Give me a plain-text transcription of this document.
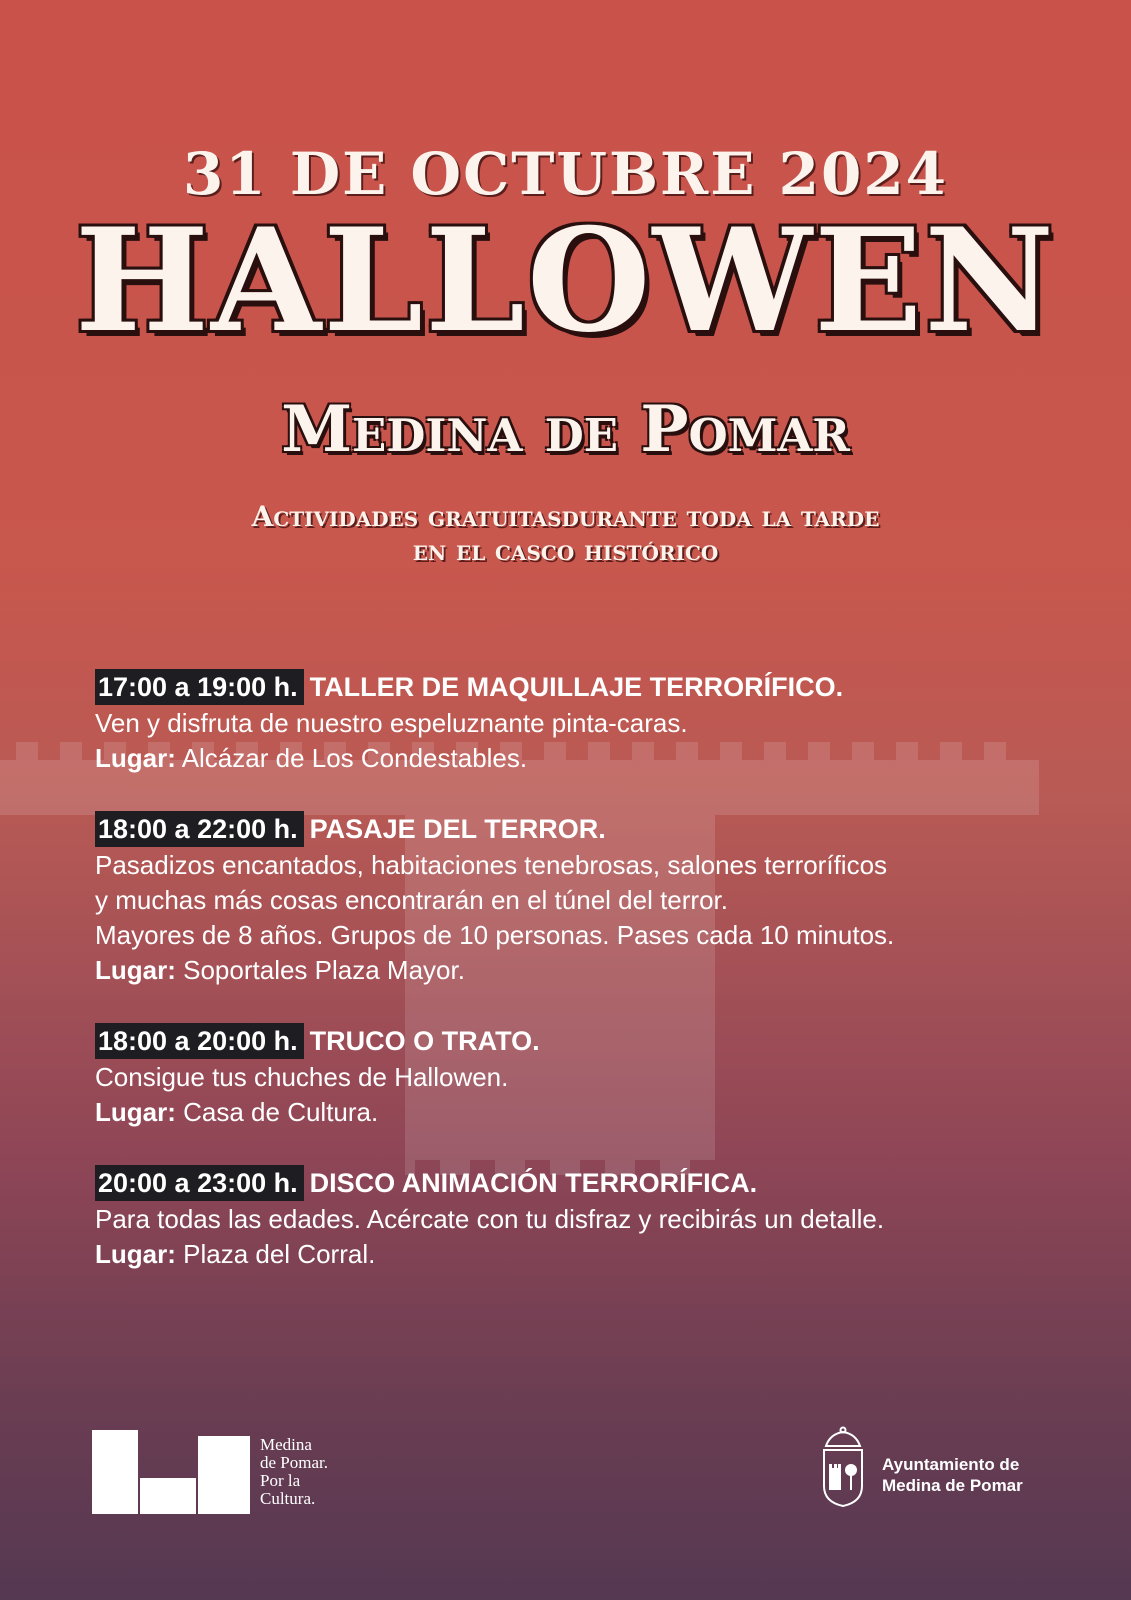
31 DE OCTUBRE 2024
HALLOWEN
Medina de Pomar
Actividades gratuitasdurante toda la tarde
en el casco histórico
17:00 a 19:00 h. TALLER DE MAQUILLAJE TERRORÍFICO.
Ven y disfruta de nuestro espeluznante pinta-caras.
Lugar: Alcázar de Los Condestables.
18:00 a 22:00 h. PASAJE DEL TERROR.
Pasadizos encantados, habitaciones tenebrosas, salones terroríficos
y muchas más cosas encontrarán en el túnel del terror.
Mayores de 8 años. Grupos de 10 personas. Pases cada 10 minutos.
Lugar: Soportales Plaza Mayor.
18:00 a 20:00 h. TRUCO O TRATO.
Consigue tus chuches de Hallowen.
Lugar: Casa de Cultura.
20:00 a 23:00 h. DISCO ANIMACIÓN TERRORÍFICA.
Para todas las edades. Acércate con tu disfraz y recibirás un detalle.
Lugar: Plaza del Corral.
Medina
de Pomar.
Por la
Cultura.
Ayuntamiento de
Medina de Pomar
